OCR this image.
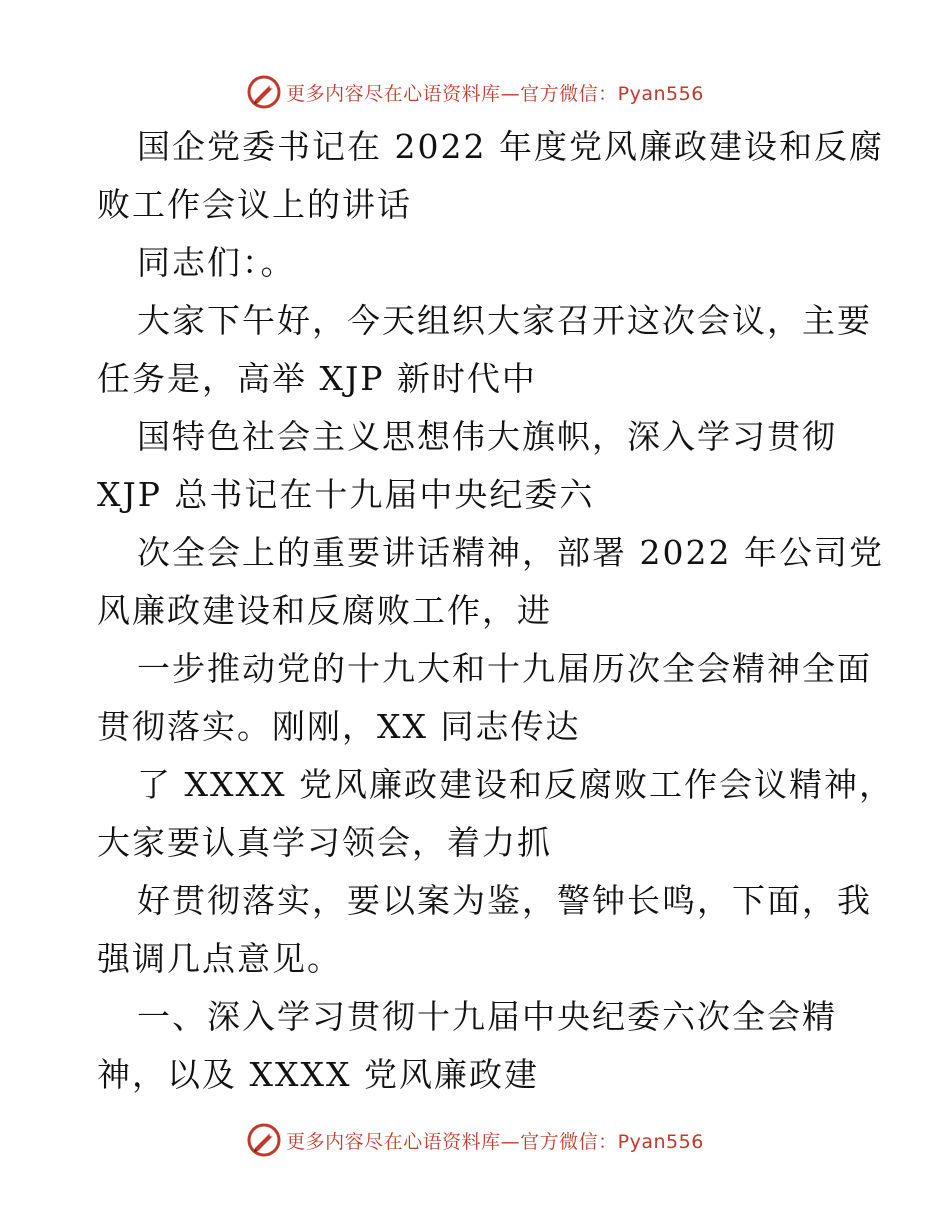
更多内容尽在心语资料库—官方微信：Pyan556
国企党委书记在 2022 年度党风廉政建设和反腐
败工作会议上的讲话
同志们：。
大家下午好，今天组织大家召开这次会议，主要
任务是，高举 XJP 新时代中
国特色社会主义思想伟大旗帜，深入学习贯彻
XJP 总书记在十九届中央纪委六
次全会上的重要讲话精神，部署 2022 年公司党
风廉政建设和反腐败工作，进
一步推动党的十九大和十九届历次全会精神全面
贯彻落实。刚刚，XX 同志传达
了 XXXX 党风廉政建设和反腐败工作会议精神，
大家要认真学习领会，着力抓
好贯彻落实，要以案为鉴，警钟长鸣，下面，我
强调几点意见。
一、深入学习贯彻十九届中央纪委六次全会精
神，以及 XXXX 党风廉政建
更多内容尽在心语资料库—官方微信：Pyan556
